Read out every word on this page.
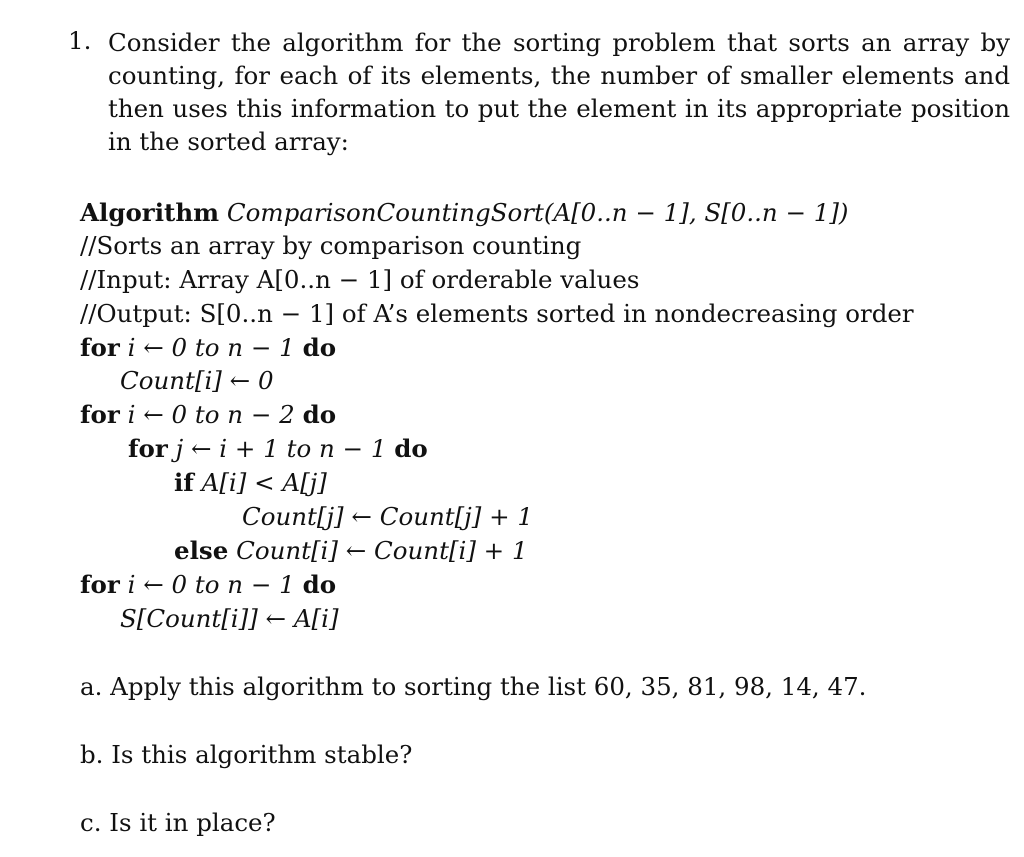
1. Consider the algorithm for the sorting problem that sorts an array by counting, for each of its elements, the number of smaller elements and then uses this information to put the element in its appropriate position in the sorted array:

Algorithm ComparisonCountingSort(A[0..n − 1], S[0..n − 1])
//Sorts an array by comparison counting
//Input: Array A[0..n − 1] of orderable values
//Output: S[0..n − 1] of A’s elements sorted in nondecreasing order
for i ← 0 to n − 1 do
Count[i] ← 0
for i ← 0 to n − 2 do
for j ← i + 1 to n − 1 do
if A[i] < A[j]
Count[j] ← Count[j] + 1
else Count[i] ← Count[i] + 1
for i ← 0 to n − 1 do
S[Count[i]] ← A[i]
a. Apply this algorithm to sorting the list 60, 35, 81, 98, 14, 47.
b. Is this algorithm stable?
c. Is it in place?
